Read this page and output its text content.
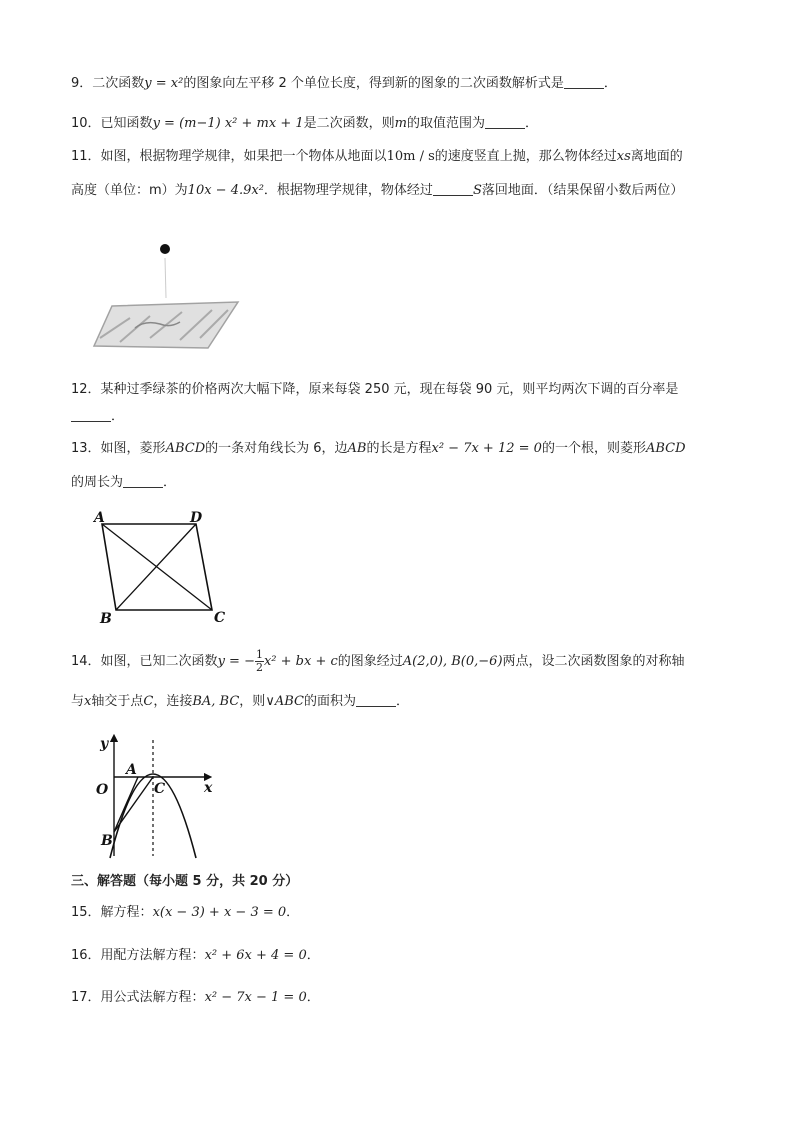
9．二次函数y = x²的图象向左平移 2 个单位长度，得到新的图象的二次函数解析式是	．
10．已知函数y = (m−1) x² + mx + 1是二次函数，则m的取值范围为	．
11．如图，根据物理学规律，如果把一个物体从地面以10m / s的速度竖直上抛，那么物体经过xs离地面的
高度（单位：m）为10x − 4.9x²．根据物理学规律，物体经过	S落回地面．（结果保留小数后两位）
12．某种过季绿茶的价格两次大幅下降，原来每袋 250 元，现在每袋 90 元，则平均两次下调的百分率是
．
13．如图，菱形ABCD的一条对角线长为 6，边AB的长是方程x² − 7x + 12 = 0的一个根，则菱形ABCD
的周长为	．
A	D
B	C
14．如图，已知二次函数y = − $\frac{1}{2} x^2$ + bx + c的图象经过A(2,0), B(0,−6)两点，设二次函数图象的对称轴
与x轴交于点C，连接BA, BC，则∨ABC的面积为	．
y
x
O
A
C
B
三、解答题（每小题 5 分，共 20 分）
15．解方程：x(x − 3) + x − 3 = 0．
16．用配方法解方程：x² + 6x + 4 = 0．
17．用公式法解方程：x² − 7x − 1 = 0．
